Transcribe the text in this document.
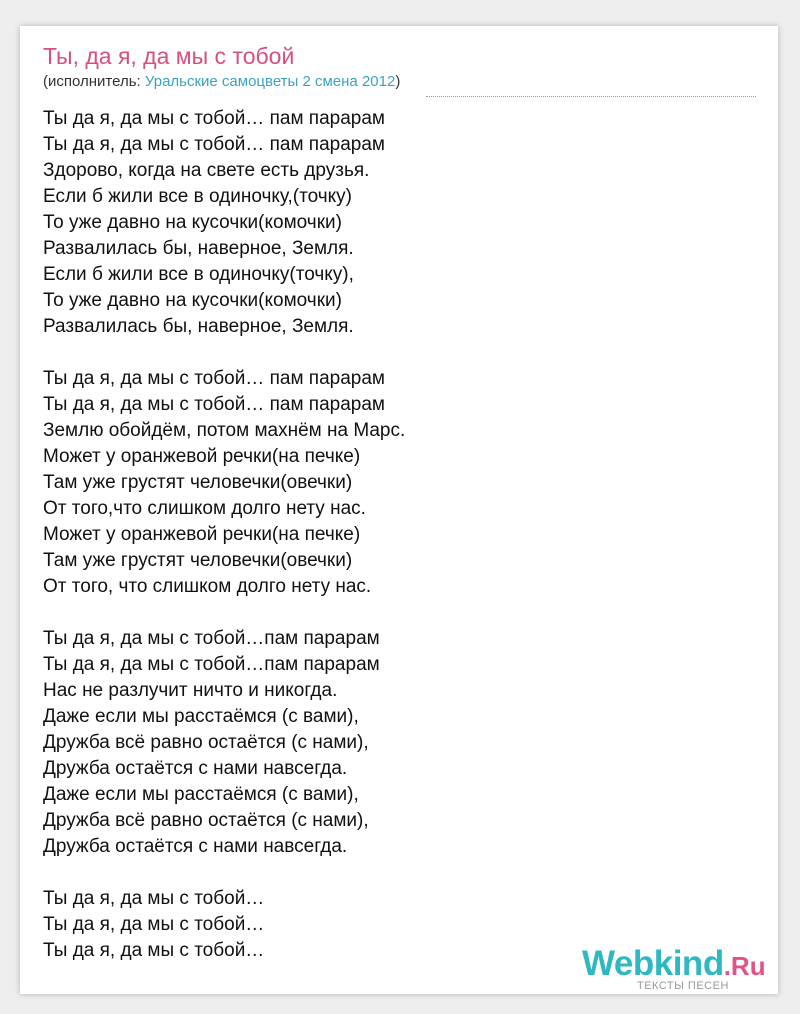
Ты, да я, да мы с тобой
(исполнитель: Уральские самоцветы 2 смена 2012)
Ты да я, да мы с тобой… пам парарам
Ты да я, да мы с тобой… пам парарам
Здорово, когда на свете есть друзья.
Если б жили все в одиночку,(точку)
То уже давно на кусочки(комочки)
Развалилась бы, наверное, Земля.
Если б жили все в одиночку(точку),
То уже давно на кусочки(комочки)
Развалилась бы, наверное, Земля.
Ты да я, да мы с тобой… пам парарам
Ты да я, да мы с тобой… пам парарам
Землю обойдём, потом махнём на Марс.
Может у оранжевой речки(на печке)
Там уже грустят человечки(овечки)
От того,что слишком долго нету нас.
Может у оранжевой речки(на печке)
Там уже грустят человечки(овечки)
От того, что слишком долго нету нас.
Ты да я, да мы с тобой…пам парарам
Ты да я, да мы с тобой…пам парарам
Нас не разлучит ничто и никогда.
Даже если мы расстаёмся (с вами),
Дружба всё равно остаётся (с нами),
Дружба остаётся с нами навсегда.
Даже если мы расстаёмся (с вами),
Дружба всё равно остаётся (с нами),
Дружба остаётся с нами навсегда.
Ты да я, да мы с тобой…
Ты да я, да мы с тобой…
Ты да я, да мы с тобой…	Webkind.Ru
ТЕКСТЫ ПЕСЕН
